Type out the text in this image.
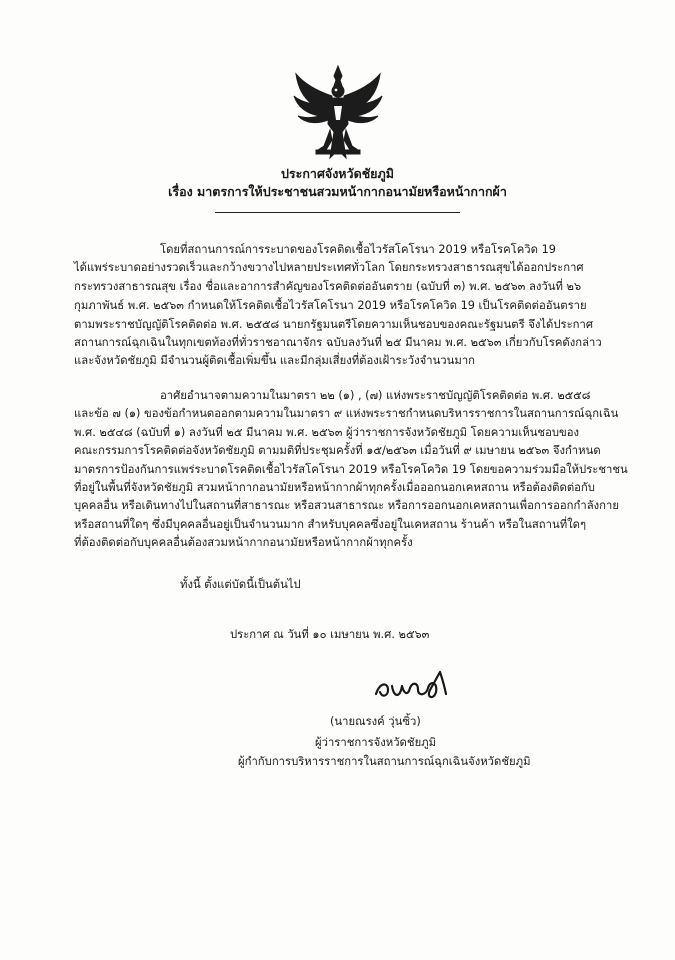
ประกาศจังหวัดชัยภูมิ
เรื่อง มาตรการให้ประชาชนสวมหน้ากากอนามัยหรือหน้ากากผ้า
โดยที่สถานการณ์การระบาดของโรคติดเชื้อไวรัสโคโรนา 2019 หรือโรคโควิด 19
ได้แพร่ระบาดอย่างรวดเร็วและกว้างขวางไปหลายประเทศทั่วโลก โดยกระทรวงสาธารณสุขได้ออกประกาศ
กระทรวงสาธารณสุข เรื่อง ชื่อและอาการสำคัญของโรคติดต่ออันตราย (ฉบับที่ ๓) พ.ศ. ๒๕๖๓ ลงวันที่ ๒๖
กุมภาพันธ์ พ.ศ. ๒๕๖๓ กำหนดให้โรคติดเชื้อไวรัสโคโรนา 2019 หรือโรคโควิด 19 เป็นโรคติดต่ออันตราย
ตามพระราชบัญญัติโรคติดต่อ พ.ศ. ๒๕๕๘ นายกรัฐมนตรีโดยความเห็นชอบของคณะรัฐมนตรี จึงได้ประกาศ
สถานการณ์ฉุกเฉินในทุกเขตท้องที่ทั่วราชอาณาจักร ฉบับลงวันที่ ๒๕ มีนาคม พ.ศ. ๒๕๖๓ เกี่ยวกับโรคดังกล่าว
และจังหวัดชัยภูมิ มีจำนวนผู้ติดเชื้อเพิ่มขึ้น และมีกลุ่มเสี่ยงที่ต้องเฝ้าระวังจำนวนมาก
อาศัยอำนาจตามความในมาตรา ๒๒ (๑) , (๗) แห่งพระราชบัญญัติโรคติดต่อ พ.ศ. ๒๕๕๘
และข้อ ๗ (๑) ของข้อกำหนดออกตามความในมาตรา ๙ แห่งพระราชกำหนดบริหารราชการในสถานการณ์ฉุกเฉิน
พ.ศ. ๒๕๔๘ (ฉบับที่ ๑) ลงวันที่ ๒๕ มีนาคม พ.ศ. ๒๕๖๓ ผู้ว่าราชการจังหวัดชัยภูมิ โดยความเห็นชอบของ
คณะกรรมการโรคติดต่อจังหวัดชัยภูมิ ตามมติที่ประชุมครั้งที่ ๑๕/๒๕๖๓ เมื่อวันที่ ๙ เมษายน ๒๕๖๓ จึงกำหนด
มาตรการป้องกันการแพร่ระบาดโรคติดเชื้อไวรัสโคโรนา 2019 หรือโรคโควิด 19 โดยขอความร่วมมือให้ประชาชน
ที่อยู่ในพื้นที่จังหวัดชัยภูมิ สวมหน้ากากอนามัยหรือหน้ากากผ้าทุกครั้งเมื่อออกนอกเคหสถาน หรือต้องติดต่อกับ
บุคคลอื่น หรือเดินทางไปในสถานที่สาธารณะ หรือสวนสาธารณะ หรือการออกนอกเคหสถานเพื่อการออกกำลังกาย
หรือสถานที่ใดๆ ซึ่งมีบุคคลอื่นอยู่เป็นจำนวนมาก สำหรับบุคคลซึ่งอยู่ในเคหสถาน ร้านค้า หรือในสถานที่ใดๆ
ที่ต้องติดต่อกับบุคคลอื่นต้องสวมหน้ากากอนามัยหรือหน้ากากผ้าทุกครั้ง
ทั้งนี้ ตั้งแต่บัดนี้เป็นต้นไป
ประกาศ ณ วันที่ ๑๐ เมษายน พ.ศ. ๒๕๖๓
(นายณรงค์ วุ่นซิ้ว)
ผู้ว่าราชการจังหวัดชัยภูมิ
ผู้กำกับการบริหารราชการในสถานการณ์ฉุกเฉินจังหวัดชัยภูมิ
